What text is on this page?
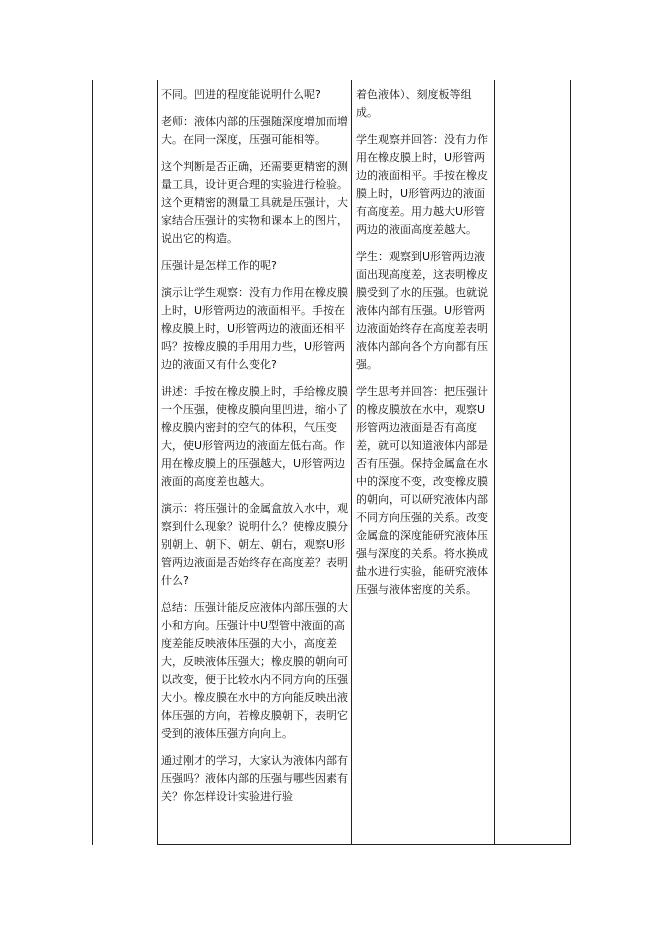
不同。凹进的程度能说明什么呢?

老师：液体内部的压强随深度增加而增大。在同一深度，压强可能相等。

这个判断是否正确，还需要更精密的测量工具，设计更合理的实验进行检验。这个更精密的测量工具就是压强计，大家结合压强计的实物和课本上的图片，说出它的构造。

压强计是怎样工作的呢?

演示让学生观察：没有力作用在橡皮膜上时，U形管两边的液面相平。手按在橡皮膜上时，U形管两边的液面还相平吗？按橡皮膜的手用用力些，U形管两边的液面又有什么变化?

讲述：手按在橡皮膜上时，手给橡皮膜一个压强，使橡皮膜向里凹进，缩小了橡皮膜内密封的空气的体积，气压变大，使U形管两边的液面左低右高。作用在橡皮膜上的压强越大，U形管两边液面的高度差也越大。

演示：将压强计的金属盒放入水中，观察到什么现象？说明什么？使橡皮膜分别朝上、朝下、朝左、朝右，观察U形管两边液面是否始终存在高度差？表明什么?

总结：压强计能反应液体内部压强的大小和方向。压强计中U型管中液面的高度差能反映液体压强的大小，高度差大，反映液体压强大；橡皮膜的朝向可以改变，便于比较水内不同方向的压强大小。橡皮膜在水中的方向能反映出液体压强的方向，若橡皮膜朝下，表明它受到的液体压强方向向上。

通过刚才的学习，大家认为液体内部有压强吗？液体内部的压强与哪些因素有关？你怎样设计实验进行验

着色液体）、刻度板等组成。

学生观察并回答：没有力作用在橡皮膜上时，U形管两边的液面相平。手按在橡皮膜上时，U形管两边的液面有高度差。用力越大U形管两边的液面高度差越大。

学生：观察到U形管两边液面出现高度差，这表明橡皮膜受到了水的压强。也就说液体内部有压强。U形管两边液面始终存在高度差表明液体内部向各个方向都有压强。

学生思考并回答：把压强计的橡皮膜放在水中，观察U形管两边液面是否有高度差，就可以知道液体内部是否有压强。保持金属盒在水中的深度不变，改变橡皮膜的朝向，可以研究液体内部不同方向压强的关系。改变金属盒的深度能研究液体压强与深度的关系。将水换成盐水进行实验，能研究液体压强与液体密度的关系。
